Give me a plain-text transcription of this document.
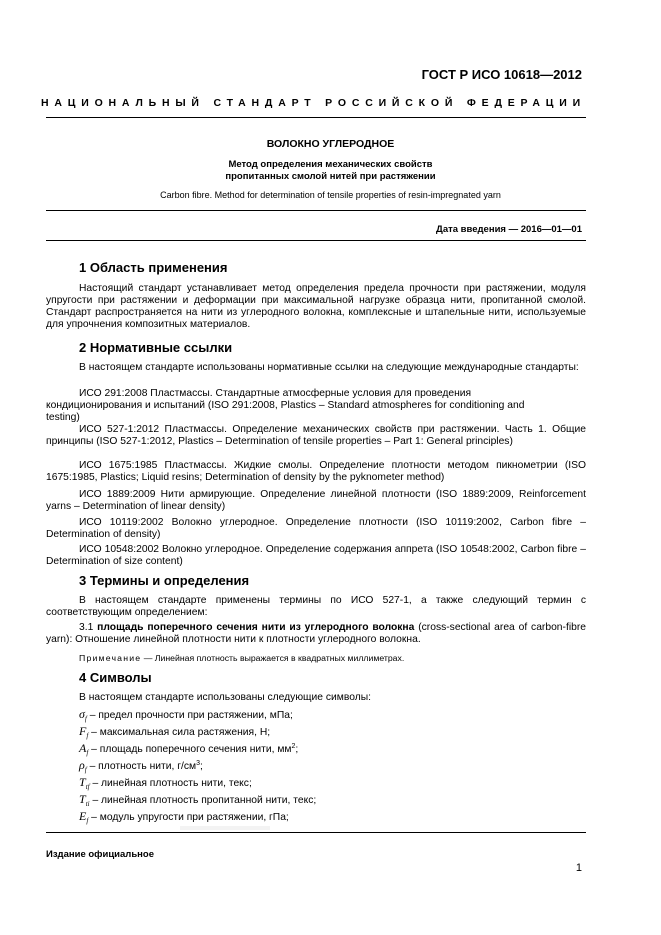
ГОСТ Р ИСО 10618—2012
НАЦИОНАЛЬНЫЙ СТАНДАРТ РОССИЙСКОЙ ФЕДЕРАЦИИ
ВОЛОКНО УГЛЕРОДНОЕ
Метод определения механических свойств
пропитанных смолой нитей при растяжении
Carbon fibre. Method for determination of tensile properties of resin-impregnated yarn
Дата введения — 2016—01—01
1 Область применения
Настоящий стандарт устанавливает метод определения предела прочности при растяжении, модуля упругости при растяжении и деформации при максимальной нагрузке образца нити, пропитанной смолой. Стандарт распространяется на нити из углеродного волокна, комплексные и штапельные нити, используемые для упрочнения композитных материалов.
2 Нормативные ссылки
В настоящем стандарте использованы нормативные ссылки на следующие международные стандарты:
ИСО 291:2008 Пластмассы. Стандартные атмосферные условия для проведения
кондиционирования и испытаний (ISO 291:2008, Plastics – Standard atmospheres for conditioning and
testing)
ИСО 527-1:2012 Пластмассы. Определение механических свойств при растяжении. Часть 1. Общие принципы (ISO 527-1:2012, Plastics – Determination of tensile properties – Part 1: General principles)
ИСО 1675:1985 Пластмассы. Жидкие смолы. Определение плотности методом пикнометрии (ISO 1675:1985, Plastics; Liquid resins; Determination of density by the pyknometer method)
ИСО 1889:2009 Нити армирующие. Определение линейной плотности (ISO 1889:2009, Reinforcement yarns – Determination of linear density)
ИСО 10119:2002 Волокно углеродное. Определение плотности (ISO 10119:2002, Carbon fibre – Determination of density)
ИСО 10548:2002 Волокно углеродное. Определение содержания аппрета (ISO 10548:2002, Carbon fibre – Determination of size content)
3 Термины и определения
В настоящем стандарте применены термины по ИСО 527-1, а также следующий термин с соответствующим определением:
3.1 площадь поперечного сечения нити из углеродного волокна (cross-sectional area of carbon-fibre yarn): Отношение линейной плотности нити к плотности углеродного волокна.
Примечание — Линейная плотность выражается в квадратных миллиметрах.
4 Символы
В настоящем стандарте использованы следующие символы:
$\sigma_f$ – предел прочности при растяжении, мПа;
$F_f$ – максимальная сила растяжения, Н;
$A_f$ – площадь поперечного сечения нити, $мм^2$;
$\rho_f$ – плотность нити, $г/см^3$;
$T_{tf}$ – линейная плотность нити, текс;
$T_{ti}$ – линейная плотность пропитанной нити, текс;
$E_f$ – модуль упругости при растяжении, гПа;
Издание официальное
1
